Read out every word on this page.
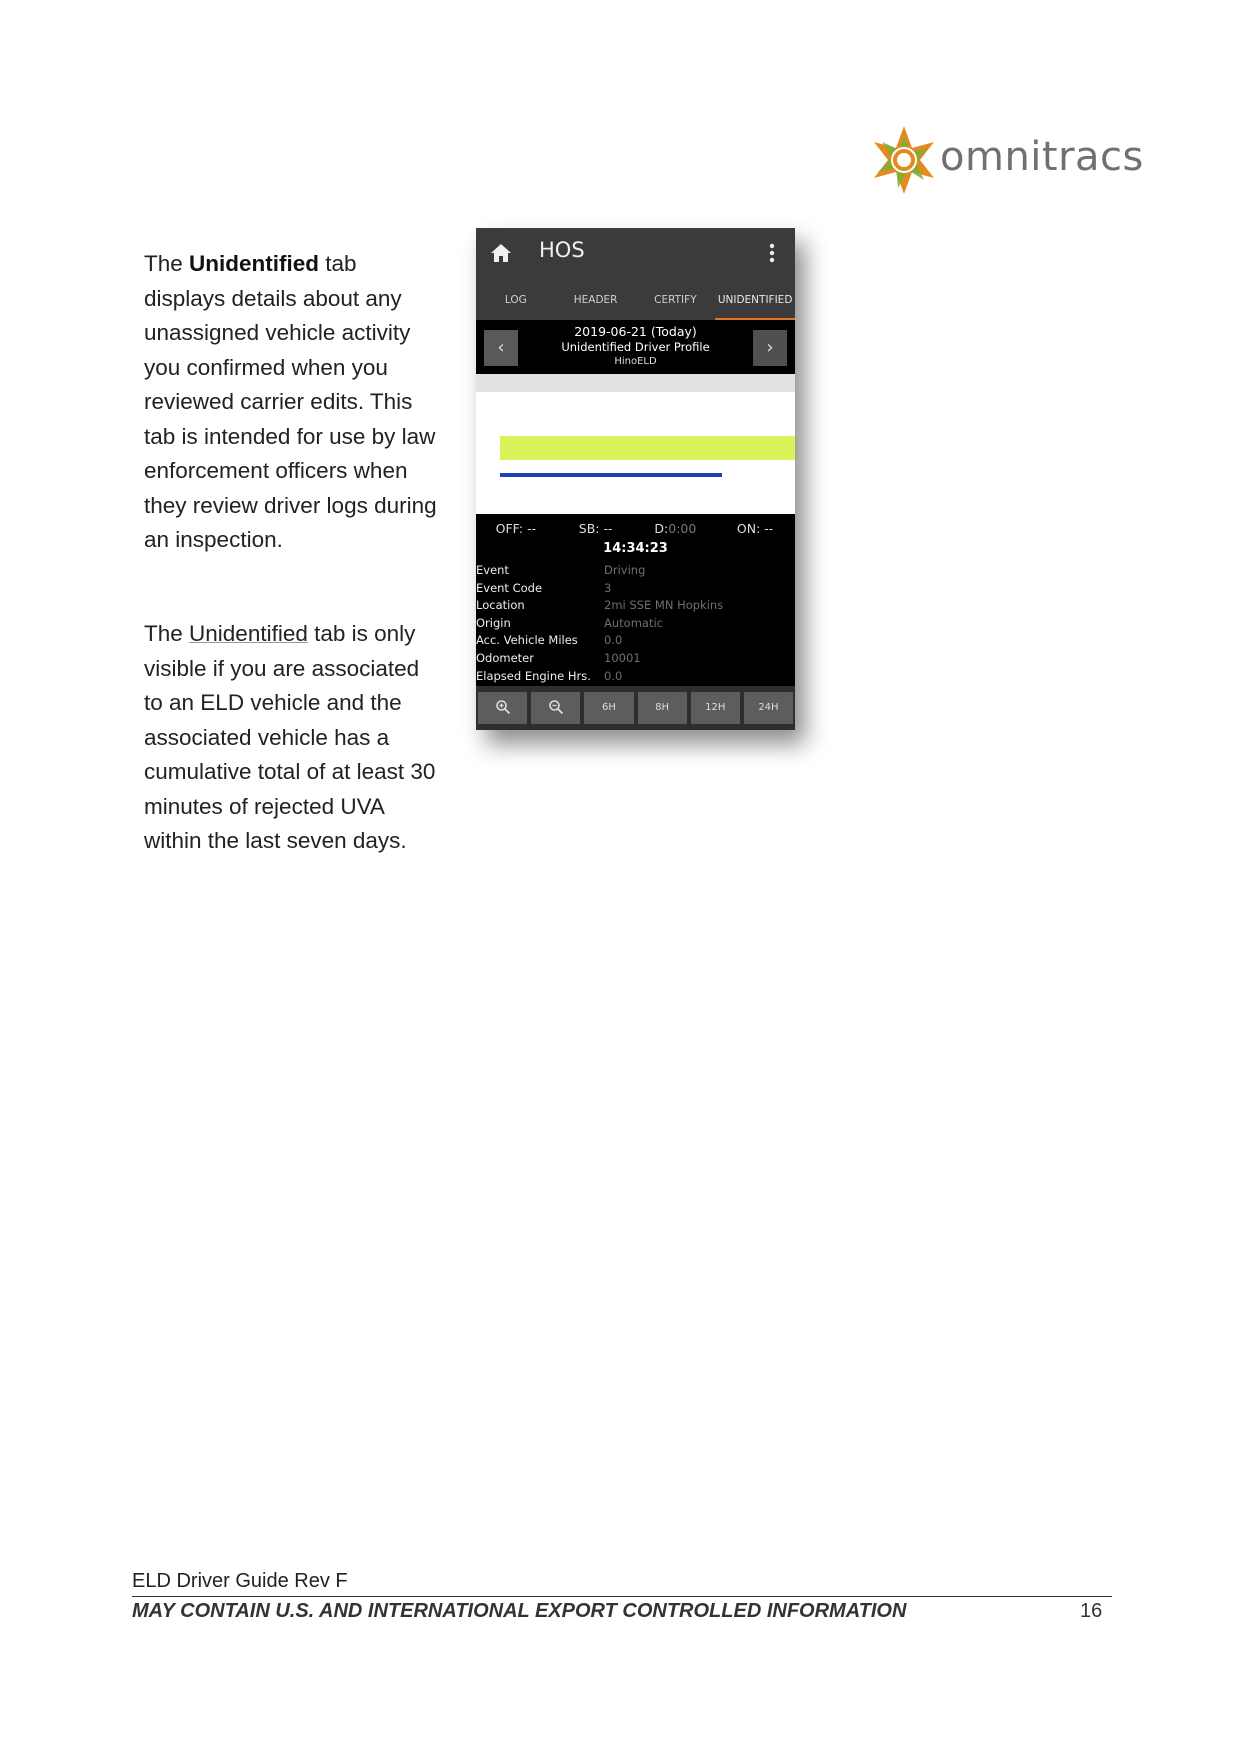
omnitracs
The Unidentified tab displays details about any unassigned vehicle activity you confirmed when you reviewed carrier edits. This tab is intended for use by law enforcement officers when they review driver logs during an inspection.
The Unidentified tab is only visible if you are associated to an ELD vehicle and the associated vehicle has a cumulative total of at least 30 minutes of rejected UVA within the last seven days.
HOS
LOG	HEADER	CERTIFY	UNIDENTIFIED
‹
2019-06-21 (Today)
Unidentified Driver Profile
HinoELD
›
OFF: --	SB: --	D:0:00	ON: --
14:34:23
Event	Driving
Event Code	3
Location	2mi SSE MN Hopkins
Origin	Automatic
Acc. Vehicle Miles 0.0
Odometer	10001
Elapsed Engine Hrs. 0.0
6H	8H	12H	24H
ELD Driver Guide Rev F
MAY CONTAIN U.S. AND INTERNATIONAL EXPORT CONTROLLED INFORMATION	16
